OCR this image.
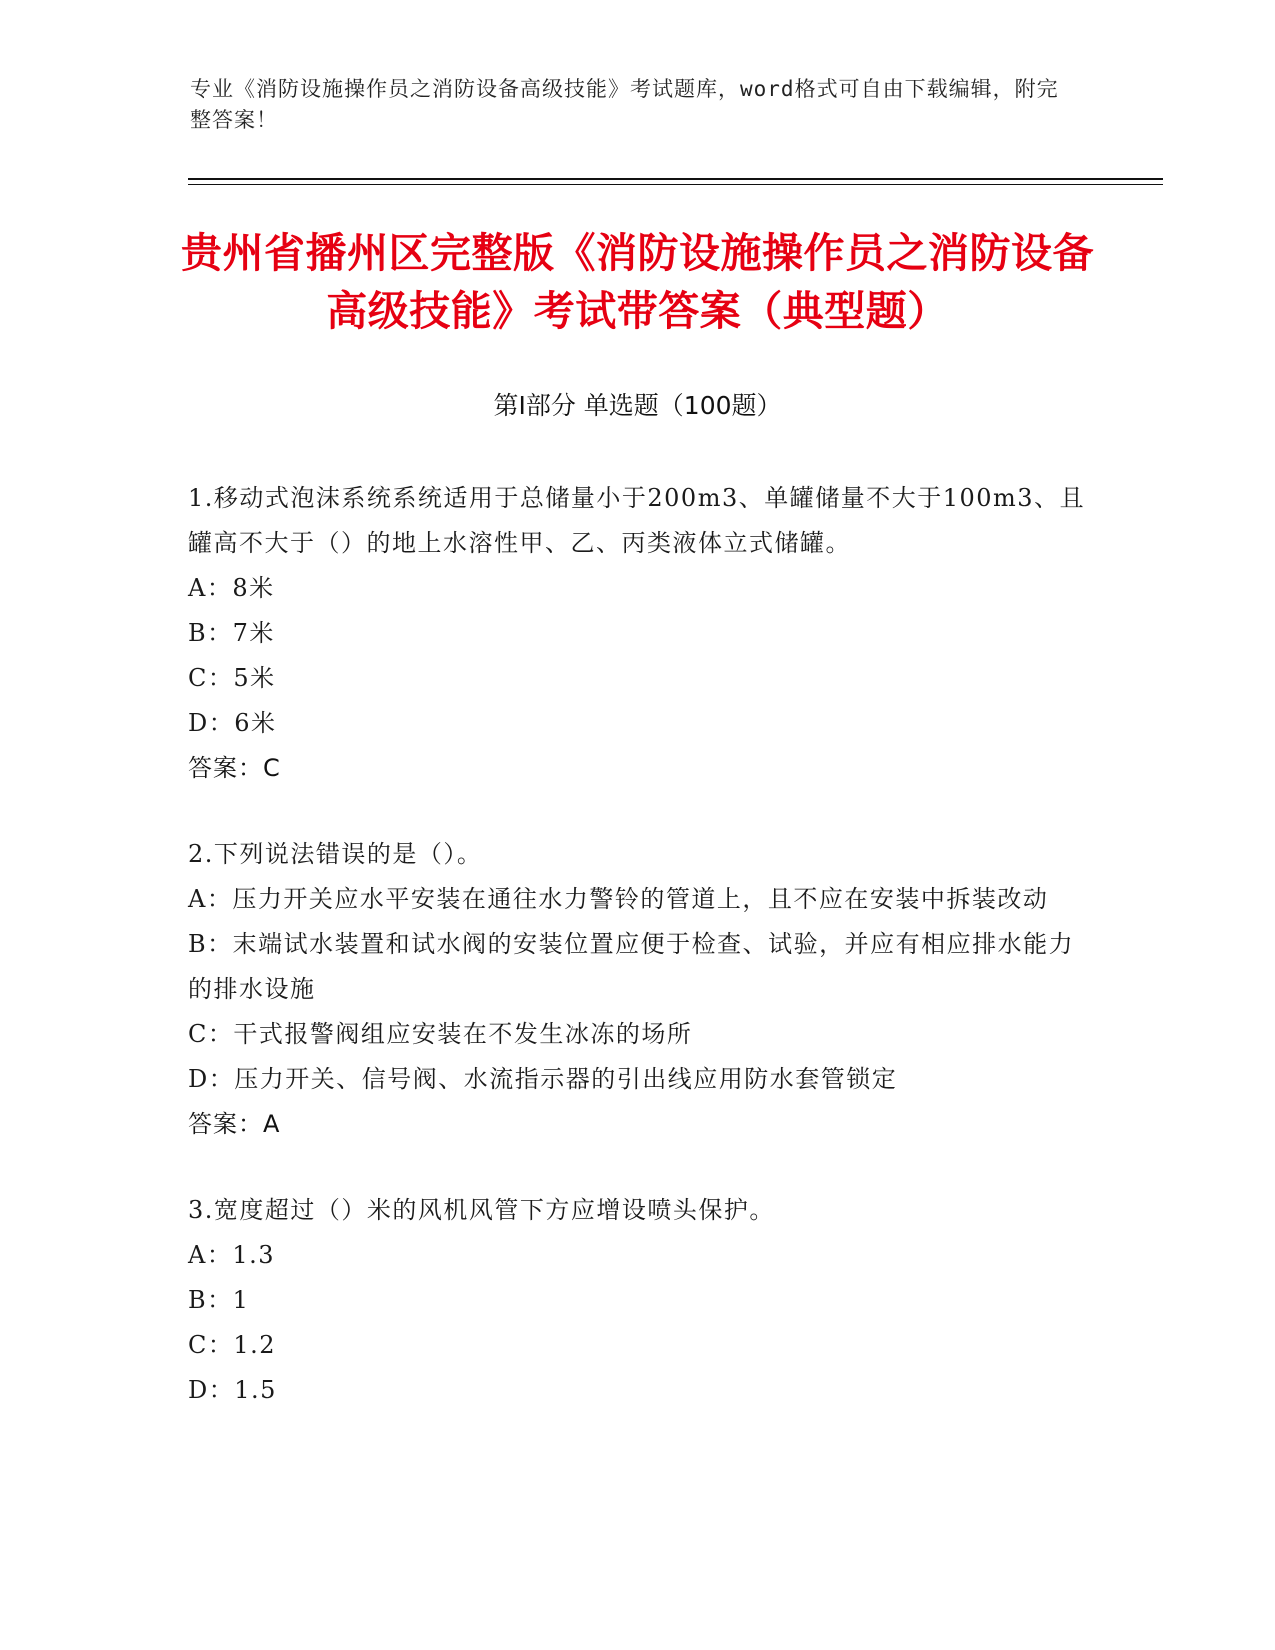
专业《消防设施操作员之消防设备高级技能》考试题库，word格式可自由下载编辑，附完整答案！
贵州省播州区完整版《消防设施操作员之消防设备高级技能》考试带答案（典型题）
第Ⅰ部分 单选题（100题）

1.移动式泡沫系统系统适用于总储量小于200m3、单罐储量不大于100m3、且罐高不大于（）的地上水溶性甲、乙、丙类液体立式储罐。

A：8米

B：7米

C：5米

D：6米

答案：C

2.下列说法错误的是（）。

A：压力开关应水平安装在通往水力警铃的管道上，且不应在安装中拆装改动

B：末端试水装置和试水阀的安装位置应便于检查、试验，并应有相应排水能力的排水设施

C：干式报警阀组应安装在不发生冰冻的场所

D：压力开关、信号阀、水流指示器的引出线应用防水套管锁定

答案：A

3.宽度超过（）米的风机风管下方应增设喷头保护。

A：1.3

B：1

C：1.2

D：1.5
